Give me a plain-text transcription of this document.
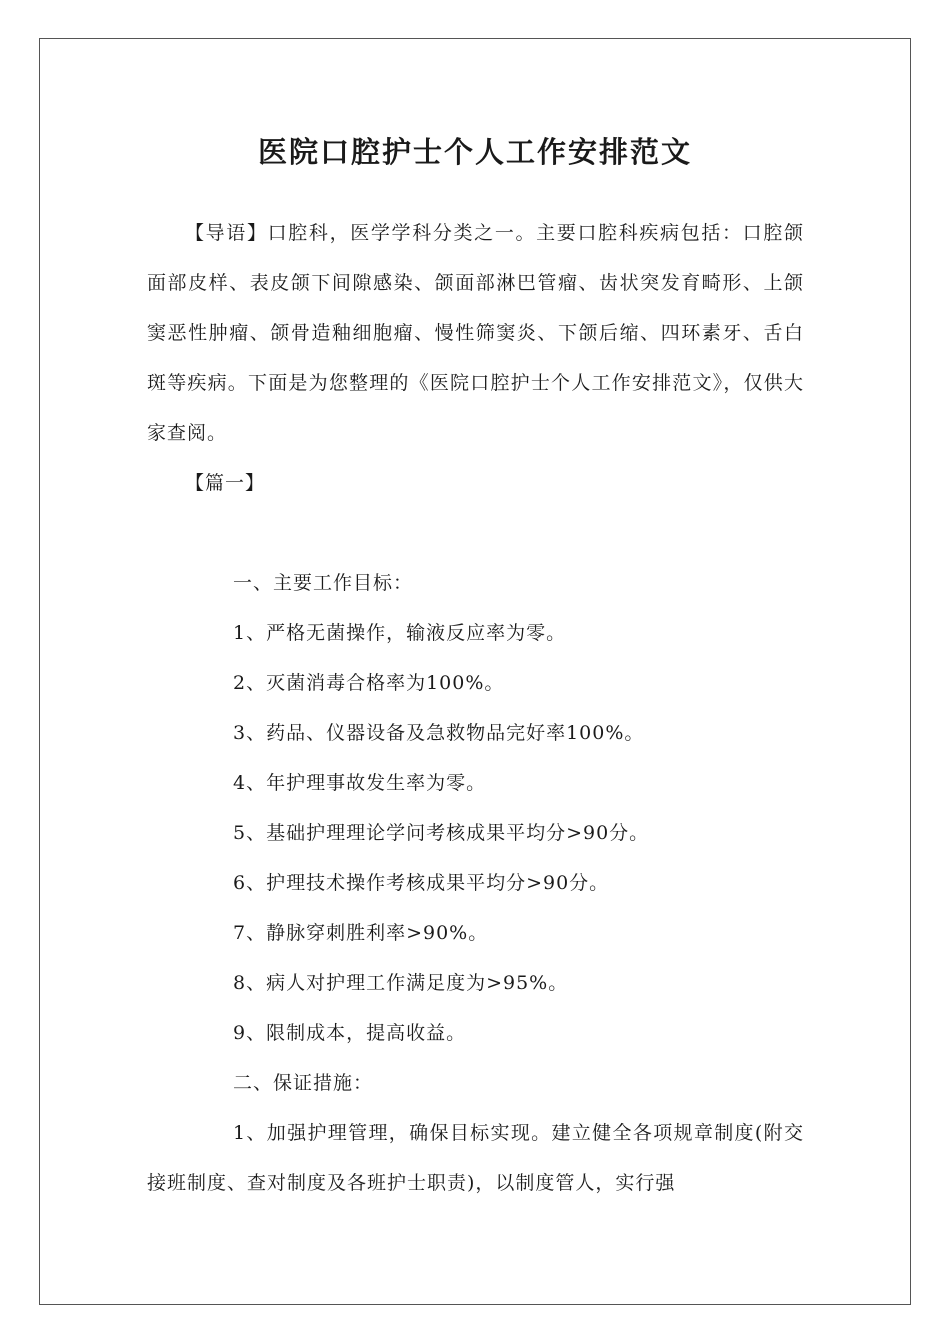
医院口腔护士个人工作安排范文

【导语】口腔科，医学学科分类之一。主要口腔科疾病包括：口腔颌面部皮样、表皮颌下间隙感染、颌面部淋巴管瘤、齿状突发育畸形、上颌窦恶性肿瘤、颌骨造釉细胞瘤、慢性筛窦炎、下颌后缩、四环素牙、舌白斑等疾病。下面是为您整理的《医院口腔护士个人工作安排范文》，仅供大家查阅。

【篇一】

一、主要工作目标：

1、严格无菌操作，输液反应率为零。

2、灭菌消毒合格率为100%。

3、药品、仪器设备及急救物品完好率100%。

4、年护理事故发生率为零。

5、基础护理理论学问考核成果平均分>90分。

6、护理技术操作考核成果平均分>90分。

7、静脉穿刺胜利率>90%。

8、病人对护理工作满足度为>95%。

9、限制成本，提高收益。

二、保证措施：

1、加强护理管理，确保目标实现。建立健全各项规章制度(附交接班制度、查对制度及各班护士职责)，以制度管人，实行强
